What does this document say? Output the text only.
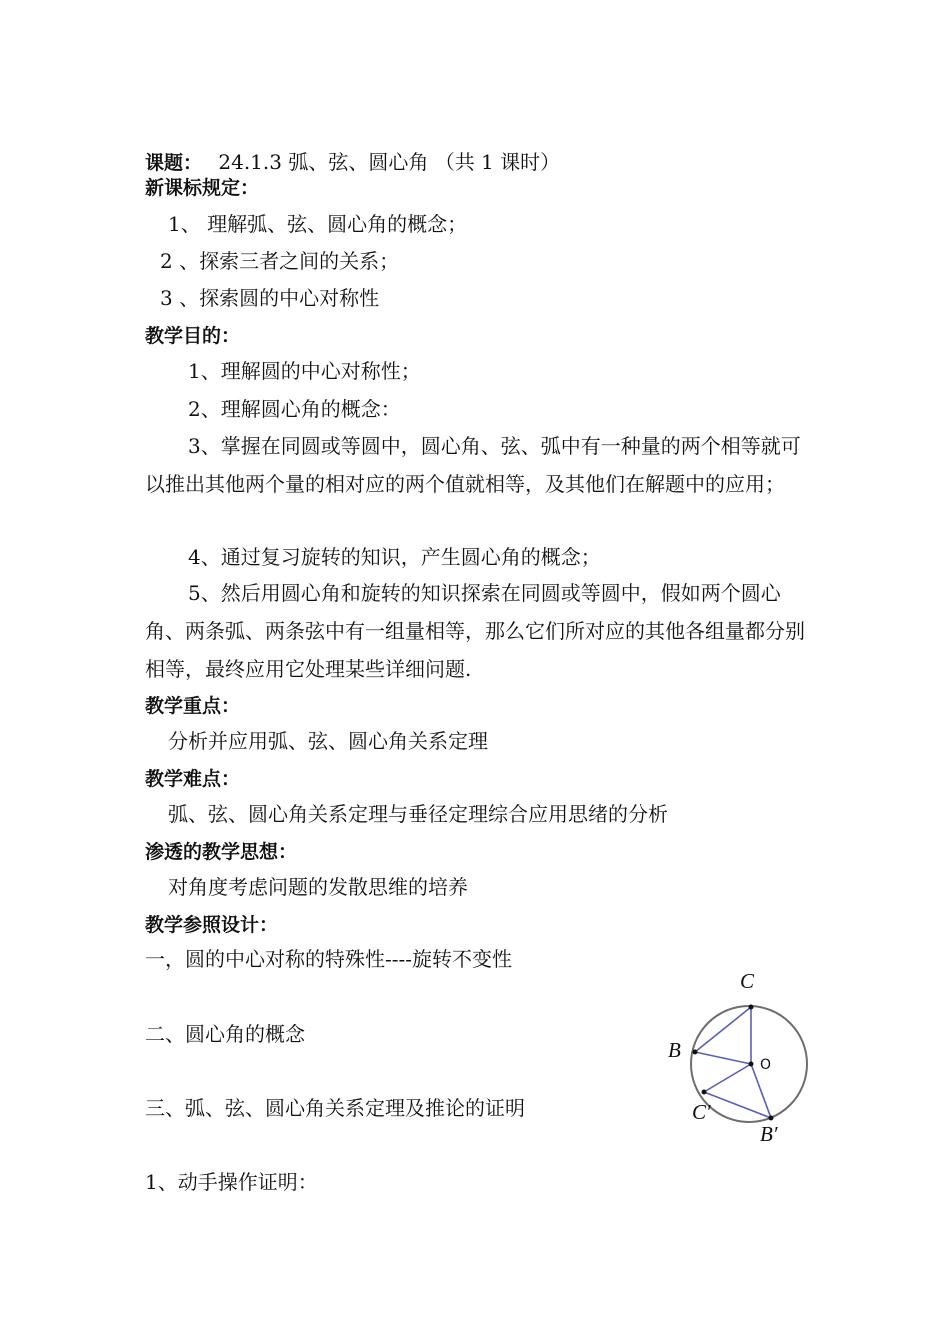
课题： 24.1.3 弧、弦、圆心角 （共 1 课时）
新课标规定：
1、 理解弧、弦、圆心角的概念；
2 、探索三者之间的关系；
3 、探索圆的中心对称性
教学目的：
1、理解圆的中心对称性；
2、理解圆心角的概念：
3、掌握在同圆或等圆中，圆心角、弦、弧中有一种量的两个相等就可以推出其他两个量的相对应的两个值就相等，及其他们在解题中的应用；
4、通过复习旋转的知识，产生圆心角的概念；
5、然后用圆心角和旋转的知识探索在同圆或等圆中，假如两个圆心角、两条弧、两条弦中有一组量相等，那么它们所对应的其他各组量都分别相等，最终应用它处理某些详细问题.
教学重点：
分析并应用弧、弦、圆心角关系定理
教学难点：
弧、弦、圆心角关系定理与垂径定理综合应用思绪的分析
渗透的教学思想：
对角度考虑问题的发散思维的培养
教学参照设计：
一，圆的中心对称的特殊性----旋转不变性
二、圆心角的概念
三、弧、弦、圆心角关系定理及推论的证明
1、动手操作证明：
C
B
C′
B′
O
